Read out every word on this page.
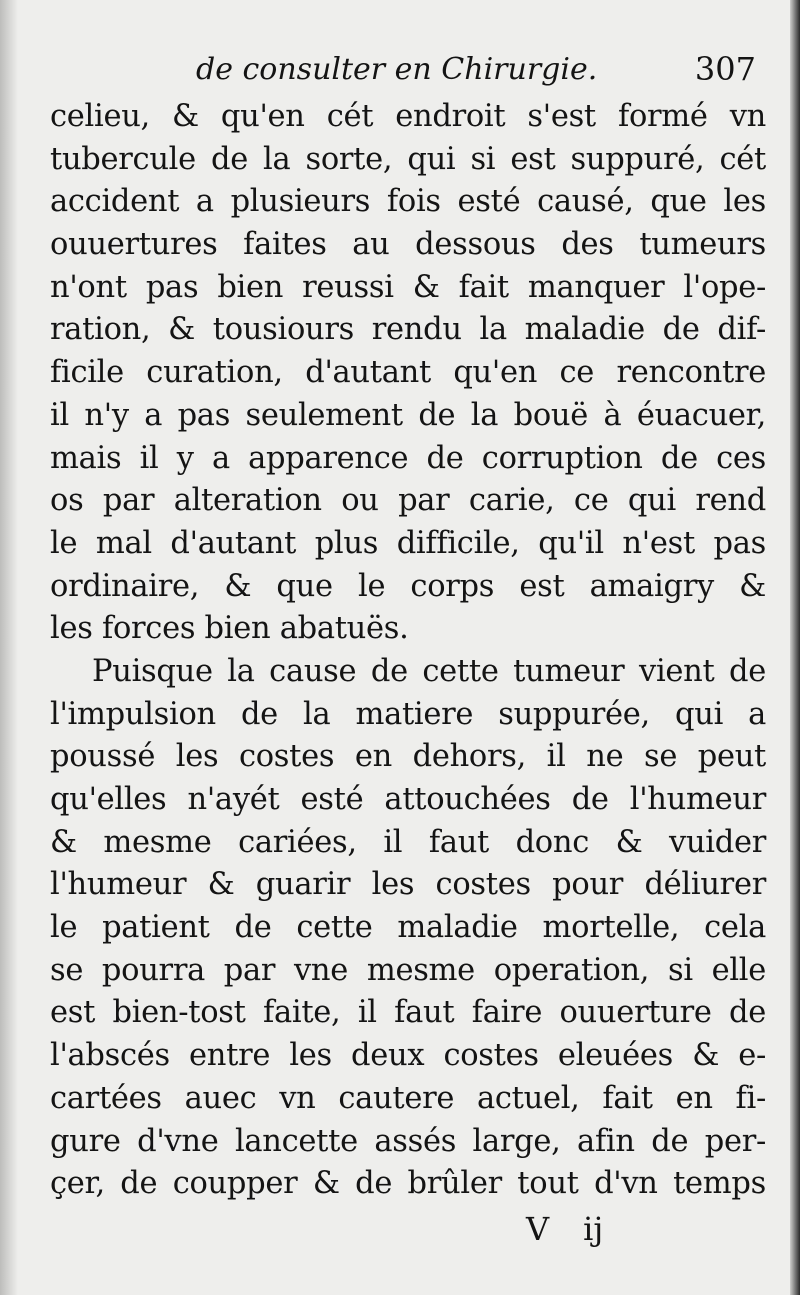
de consulter en Chirurgie.	307
celieu, & qu'en cét endroit s'est formé vn
tubercule de la sorte, qui si est suppuré, cét
accident a plusieurs fois esté causé, que les
ouuertures faites au dessous des tumeurs
n'ont pas bien reussi & fait manquer l'ope-
ration, & tousiours rendu la maladie de dif-
ficile curation, d'autant qu'en ce rencontre
il n'y a pas seulement de la bouë à éuacuer,
mais il y a apparence de corruption de ces
os par alteration ou par carie, ce qui rend
le mal d'autant plus difficile, qu'il n'est pas
ordinaire, & que le corps est amaigry &
les forces bien abatuës.
Puisque la cause de cette tumeur vient de
l'impulsion de la matiere suppurée, qui a
poussé les costes en dehors, il ne se peut
qu'elles n'ayét esté attouchées de l'humeur
& mesme cariées, il faut donc & vuider
l'humeur & guarir les costes pour déliurer
le patient de cette maladie mortelle, cela
se pourra par vne mesme operation, si elle
est bien-tost faite, il faut faire ouuerture de
l'abscés entre les deux costes eleuées & e-
cartées auec vn cautere actuel, fait en fi-
gure d'vne lancette assés large, afin de per-
çer, de coupper & de brûler tout d'vn temps
V ij
